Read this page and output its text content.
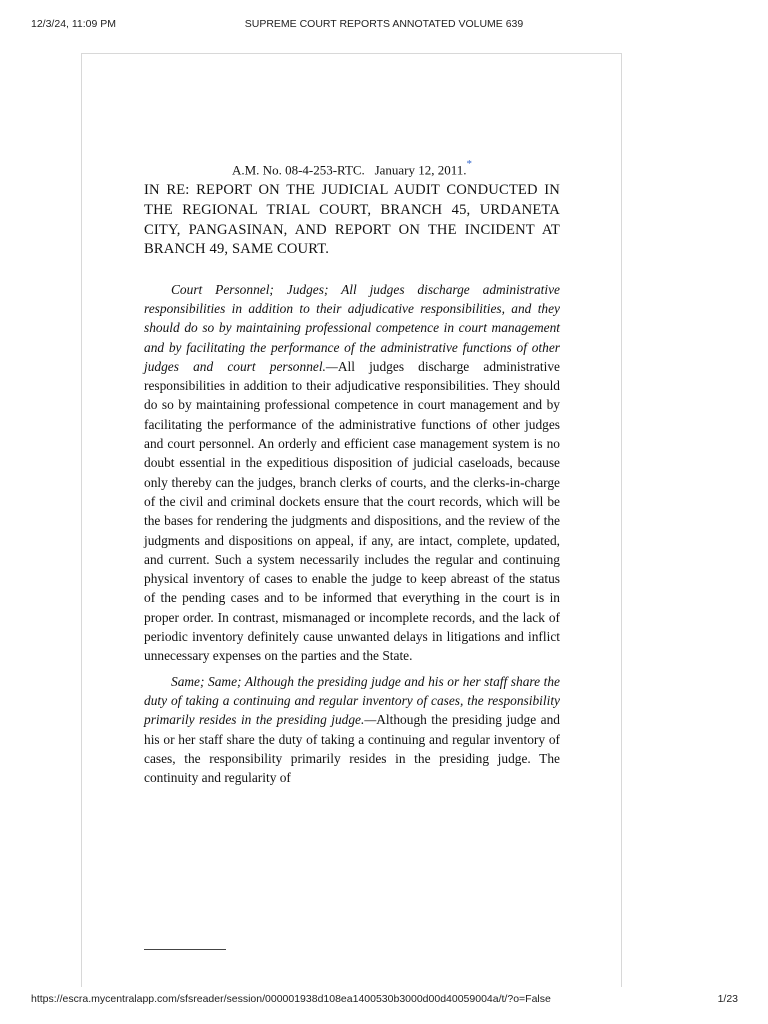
12/3/24, 11:09 PM	SUPREME COURT REPORTS ANNOTATED VOLUME 639

A.M. No. 08-4-253-RTC. January 12, 2011.*

IN RE: REPORT ON THE JUDICIAL AUDIT CONDUCTED IN THE REGIONAL TRIAL COURT, BRANCH 45, URDANETA CITY, PANGASINAN, AND REPORT ON THE INCIDENT AT BRANCH 49, SAME COURT.

Court Personnel; Judges; All judges discharge administrative responsibilities in addition to their adjudicative responsibilities, and they should do so by maintaining professional competence in court management and by facilitating the performance of the administrative functions of other judges and court personnel.—All judges discharge administrative responsibilities in addition to their adjudicative responsibilities. They should do so by maintaining professional competence in court management and by facilitating the performance of the administrative functions of other judges and court personnel. An orderly and efficient case management system is no doubt essential in the expeditious disposition of judicial caseloads, because only thereby can the judges, branch clerks of courts, and the clerks-in-charge of the civil and criminal dockets ensure that the court records, which will be the bases for rendering the judgments and dispositions, and the review of the judgments and dispositions on appeal, if any, are intact, complete, updated, and current. Such a system necessarily includes the regular and continuing physical inventory of cases to enable the judge to keep abreast of the status of the pending cases and to be informed that everything in the court is in proper order. In contrast, mismanaged or incomplete records, and the lack of periodic inventory definitely cause unwanted delays in litigations and inflict unnecessary expenses on the parties and the State.

Same; Same; Although the presiding judge and his or her staff share the duty of taking a continuing and regular inventory of cases, the responsibility primarily resides in the presiding judge.—Although the presiding judge and his or her staff share the duty of taking a continuing and regular inventory of cases, the responsibility primarily resides in the presiding judge. The continuity and regularity of

https://escra.mycentralapp.com/sfsreader/session/000001938d108ea1400530b3000d00d40059004a/t/?o=False	1/23
